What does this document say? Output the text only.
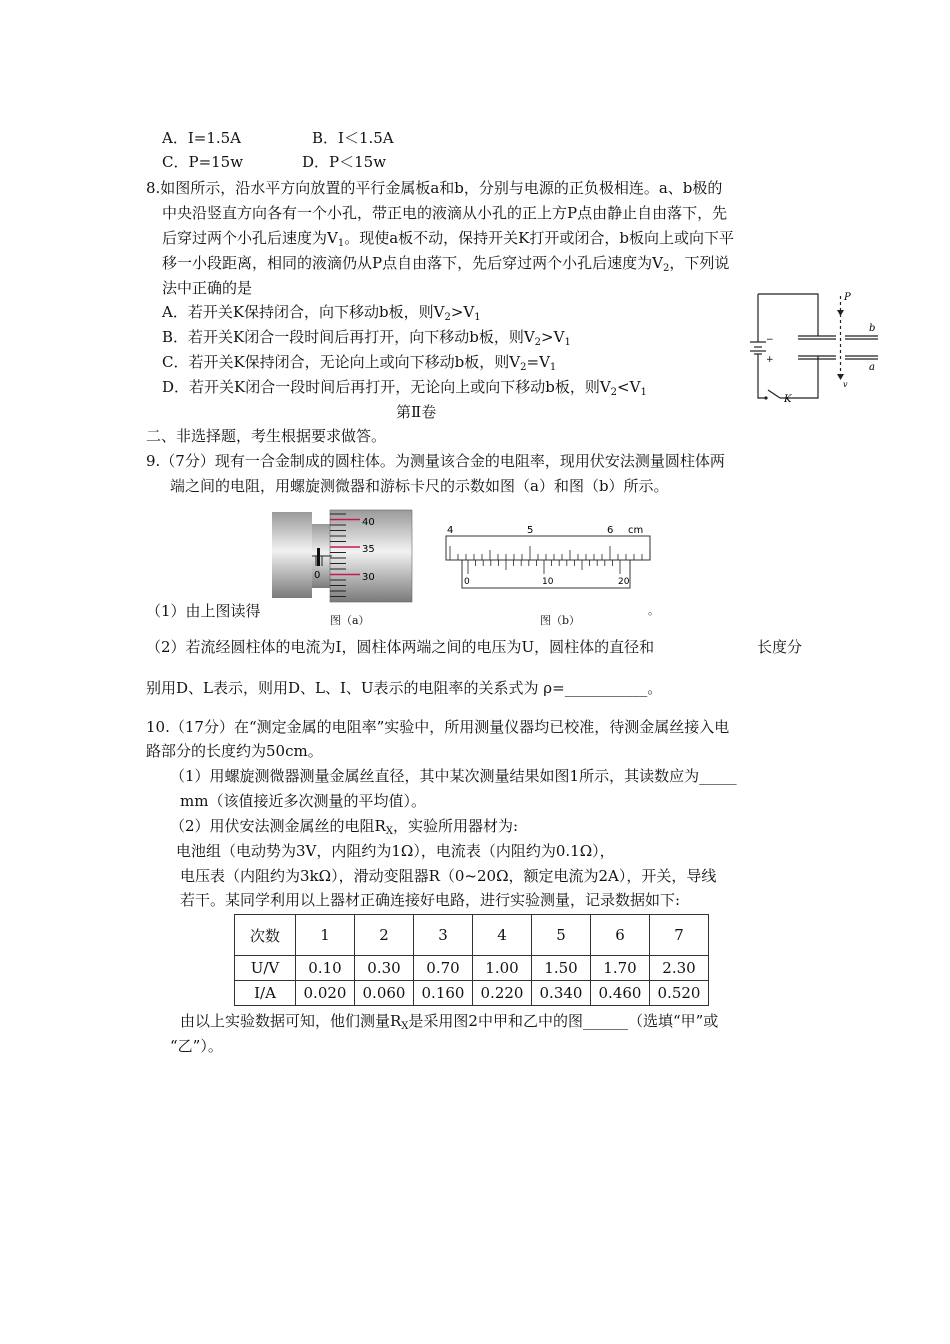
A．I=1.5A	B．I＜1.5A
C．P=15w	D．P＜15w
8.如图所示，沿水平方向放置的平行金属板a和b，分别与电源的正负极相连。a、b极的
中央沿竖直方向各有一个小孔，带正电的液滴从小孔的正上方P点由静止自由落下，先
后穿过两个小孔后速度为$V_1$。现使a板不动，保持开关K打开或闭合，b板向上或向下平
移一小段距离，相同的液滴仍从P点自由落下，先后穿过两个小孔后速度为$V_2$，下列说
法中正确的是
A．若开关K保持闭合，向下移动b板，则$V_2>V_1$
B．若开关K闭合一段时间后再打开，向下移动b板，则$V_2>V_1$
C．若开关K保持闭合，无论向上或向下移动b板，则$V_2=V_1$
D．若开关K闭合一段时间后再打开，无论向上或向下移动b板，则$V_2<V_1$
P
b
a
K
−
+
v
第Ⅱ卷
二、非选择题，考生根据要求做答。
9.（7分）现有一合金制成的圆柱体。为测量该合金的电阻率，现用伏安法测量圆柱体两
端之间的电阻，用螺旋测微器和游标卡尺的示数如图（a）和图（b）所示。
40
35
30
0
图（a）
4	5	6 cm
0	10	20
图（b）
（1）由上图读得	。
（2）若流经圆柱体的电流为I，圆柱体两端之间的电压为U，圆柱体的直径和	长度分
别用D、L表示，则用D、L、I、U表示的电阻率的关系式为 ρ=___________。
10.（17分）在“测定金属的电阻率”实验中，所用测量仪器均已校准，待测金属丝接入电
路部分的长度约为50cm。
（1）用螺旋测微器测量金属丝直径，其中某次测量结果如图1所示，其读数应为_____
mm（该值接近多次测量的平均值）。
（2）用伏安法测金属丝的电阻$R_X$，实验所用器材为:
电池组（电动势为3V，内阻约为1Ω），电流表（内阻约为0.1Ω），
电压表（内阻约为3kΩ），滑动变阻器R（0~20Ω，额定电流为2A），开关，导线
若干。某同学利用以上器材正确连接好电路，进行实验测量，记录数据如下:
次数	1	2	3	4	5	6	7
U/V	0.10	0.30	0.70	1.00	1.50	1.70	2.30
I/A	0.020	0.060	0.160	0.220	0.340	0.460	0.520
由以上实验数据可知，他们测量$R_X$是采用图2中甲和乙中的图______（选填“甲”或
“乙”）。
